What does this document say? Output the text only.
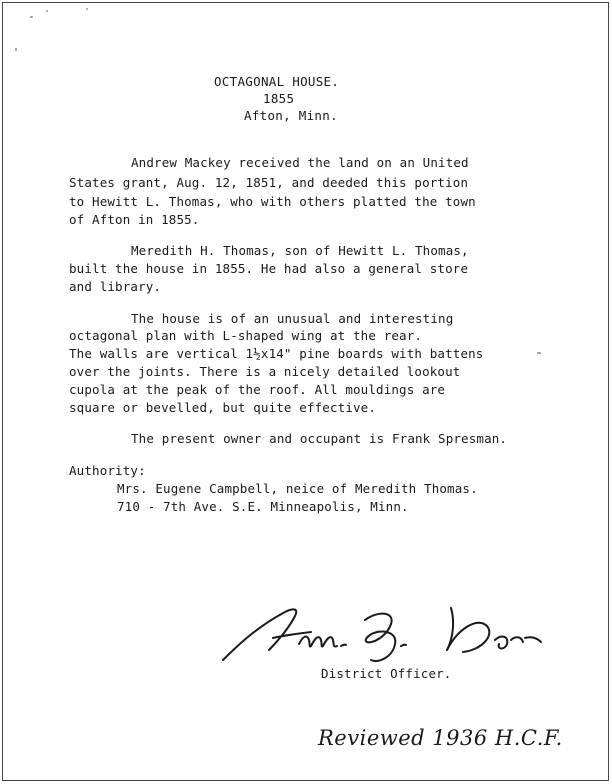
OCTAGONAL HOUSE.
1855
Afton, Minn.
Andrew Mackey received the land on an United
States grant, Aug. 12, 1851, and deeded this portion
to Hewitt L. Thomas, who with others platted the town
of Afton in 1855.
Meredith H. Thomas, son of Hewitt L. Thomas,
built the house in 1855. He had also a general store
and library.
The house is of an unusual and interesting
octagonal plan with L-shaped wing at the rear.
The walls are vertical 1½x14" pine boards with battens
over the joints. There is a nicely detailed lookout
cupola at the peak of the roof. All mouldings are
square or bevelled, but quite effective.
The present owner and occupant is Frank Spresman.
Authority:
Mrs. Eugene Campbell, neice of Meredith Thomas.
710 - 7th Ave. S.E. Minneapolis, Minn.
District Officer.
Reviewed 1936 H.C.F.
